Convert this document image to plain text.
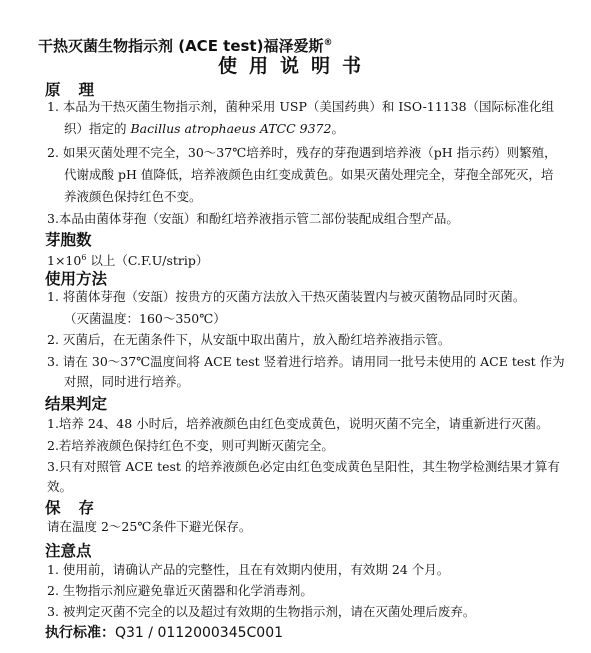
干热灭菌生物指示剂 (ACE test)福泽爱斯®
使用说明书
原理
1. 本品为干热灭菌生物指示剂，菌种采用 USP（美国药典）和 ISO-11138（国际标准化组
织）指定的 Bacillus atrophaeus ATCC 9372。
2. 如果灭菌处理不完全，30～37℃培养时，残存的芽孢遇到培养液（pH 指示药）则繁殖，
代谢成酸 pH 值降低，培养液颜色由红变成黄色。如果灭菌处理完全，芽孢全部死灭，培
养液颜色保持红色不变。
3.本品由菌体芽孢（安瓿）和酚红培养液指示管二部份装配成组合型产品。
芽胞数
$1\times 10^6$ 以上（C.F.U/strip）
使用方法
1. 将菌体芽孢（安瓿）按贵方的灭菌方法放入干热灭菌装置内与被灭菌物品同时灭菌。
（灭菌温度：160～350℃）
2. 灭菌后，在无菌条件下，从安瓿中取出菌片，放入酚红培养液指示管。
3. 请在 30～37℃温度间将 ACE test 竖着进行培养。请用同一批号未使用的 ACE test 作为
对照，同时进行培养。
结果判定
1.培养 24、48 小时后，培养液颜色由红色变成黄色，说明灭菌不完全，请重新进行灭菌。
2.若培养液颜色保持红色不变，则可判断灭菌完全。
3.只有对照管 ACE test 的培养液颜色必定由红色变成黄色呈阳性，其生物学检测结果才算有
效。
保存
请在温度 2～25℃条件下避光保存。
注意点
1. 使用前，请确认产品的完整性，且在有效期内使用，有效期 24 个月。
2. 生物指示剂应避免靠近灭菌器和化学消毒剂。
3. 被判定灭菌不完全的以及超过有效期的生物指示剂，请在灭菌处理后废弃。
执行标准：Q31 / 0112000345C001
